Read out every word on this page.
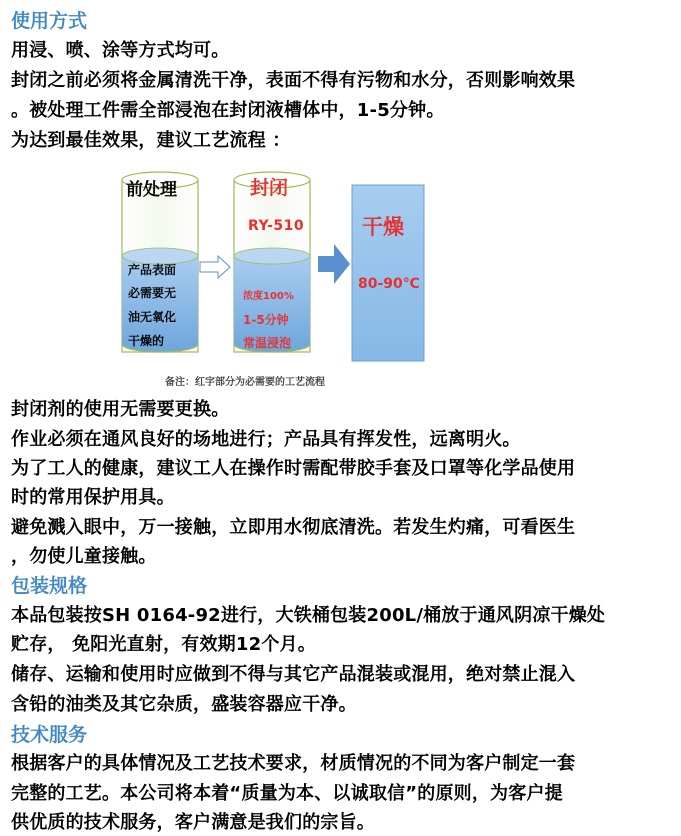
使用方式
用浸、喷、涂等方式均可。
封闭之前必须将金属清洗干净，表面不得有污物和水分，否则影响效果
。被处理工件需全部浸泡在封闭液槽体中，1-5分钟。
为达到最佳效果，建议工艺流程 ：
前处理
产品表面
必需要无
油无氧化
干燥的
封闭
RY-510
浓度100%
1-5分钟
常温浸泡
干燥
80-90℃
备注：红字部分为必需要的工艺流程
封闭剂的使用无需要更换。
作业必须在通风良好的场地进行；产品具有挥发性，远离明火。
为了工人的健康，建议工人在操作时需配带胶手套及口罩等化学品使用
时的常用保护用具。
避免溅入眼中，万一接触，立即用水彻底清洗。若发生灼痛，可看医生
，勿使儿童接触。
包装规格
本品包装按SH 0164-92进行，大铁桶包装200L/桶放于通风阴凉干燥处
贮存， 免阳光直射，有效期12个月。
储存、运输和使用时应做到不得与其它产品混装或混用，绝对禁止混入
含铅的油类及其它杂质，盛装容器应干净。
技术服务
根据客户的具体情况及工艺技术要求，材质情况的不同为客户制定一套
完整的工艺。本公司将本着“质量为本、以诚取信”的原则，为客户提
供优质的技术服务，客户满意是我们的宗旨。
